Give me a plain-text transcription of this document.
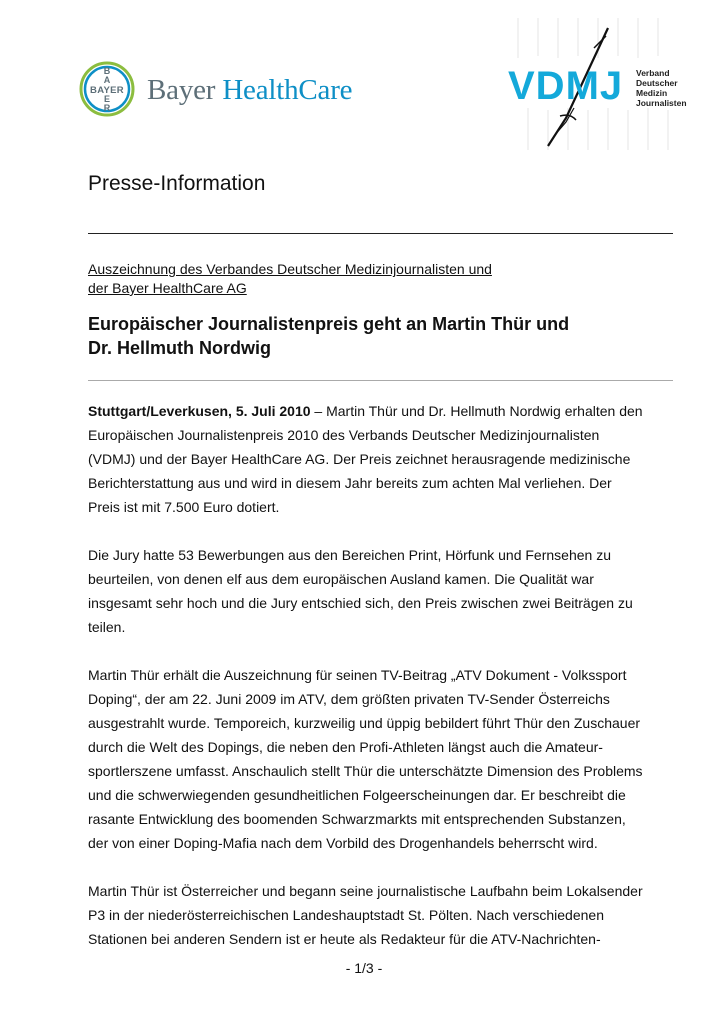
B
A
E
R
BAYER Bayer HealthCare	VDMJ Verband
Deutscher
Medizin
Journalisten
Presse-Information
Auszeichnung des Verbandes Deutscher Medizinjournalisten und
der Bayer HealthCare AG
Europäischer Journalistenpreis geht an Martin Thür und
Dr. Hellmuth Nordwig
Stuttgart/Leverkusen, 5. Juli 2010 – Martin Thür und Dr. Hellmuth Nordwig erhalten den
Europäischen Journalistenpreis 2010 des Verbands Deutscher Medizinjournalisten
(VDMJ) und der Bayer HealthCare AG. Der Preis zeichnet herausragende medizinische
Berichterstattung aus und wird in diesem Jahr bereits zum achten Mal verliehen. Der
Preis ist mit 7.500 Euro dotiert.
Die Jury hatte 53 Bewerbungen aus den Bereichen Print, Hörfunk und Fernsehen zu
beurteilen, von denen elf aus dem europäischen Ausland kamen. Die Qualität war
insgesamt sehr hoch und die Jury entschied sich, den Preis zwischen zwei Beiträgen zu
teilen.
Martin Thür erhält die Auszeichnung für seinen TV-Beitrag „ATV Dokument - Volkssport
Doping“, der am 22. Juni 2009 im ATV, dem größten privaten TV-Sender Österreichs
ausgestrahlt wurde. Temporeich, kurzweilig und üppig bebildert führt Thür den Zuschauer
durch die Welt des Dopings, die neben den Profi-Athleten längst auch die Amateur-
sportlerszene umfasst. Anschaulich stellt Thür die unterschätzte Dimension des Problems
und die schwerwiegenden gesundheitlichen Folgeerscheinungen dar. Er beschreibt die
rasante Entwicklung des boomenden Schwarzmarkts mit entsprechenden Substanzen,
der von einer Doping-Mafia nach dem Vorbild des Drogenhandels beherrscht wird.
Martin Thür ist Österreicher und begann seine journalistische Laufbahn beim Lokalsender
P3 in der niederösterreichischen Landeshauptstadt St. Pölten. Nach verschiedenen
Stationen bei anderen Sendern ist er heute als Redakteur für die ATV-Nachrichten-
- 1/3 -
